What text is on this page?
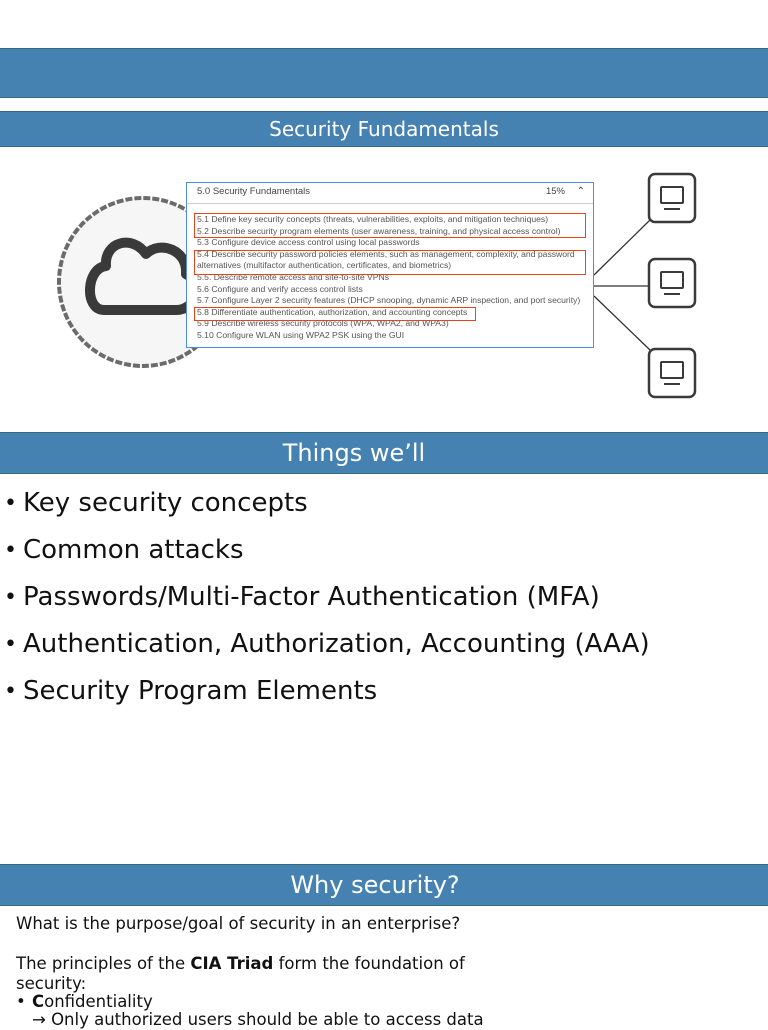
Security Fundamentals
5.0 Security Fundamentals	15% ⌃
5.1 Define key security concepts (threats, vulnerabilities, exploits, and mitigation techniques)
5.2 Describe security program elements (user awareness, training, and physical access control)
5.3 Configure device access control using local passwords
5.4 Describe security password policies elements, such as management, complexity, and password
alternatives (multifactor authentication, certificates, and biometrics)
5.5. Describe remote access and site-to-site VPNs
5.6 Configure and verify access control lists
5.7 Configure Layer 2 security features (DHCP snooping, dynamic ARP inspection, and port security)
5.8 Differentiate authentication, authorization, and accounting concepts
5.9 Describe wireless security protocols (WPA, WPA2, and WPA3)
5.10 Configure WLAN using WPA2 PSK using the GUI
Things we’ll
• Key security concepts
• Common attacks
• Passwords/Multi-Factor Authentication (MFA)
• Authentication, Authorization, Accounting (AAA)
• Security Program Elements
Why security?

What is the purpose/goal of security in an enterprise?

The principles of the CIA Triad form the foundation of security:

• Confidentiality

→ Only authorized users should be able to access data
